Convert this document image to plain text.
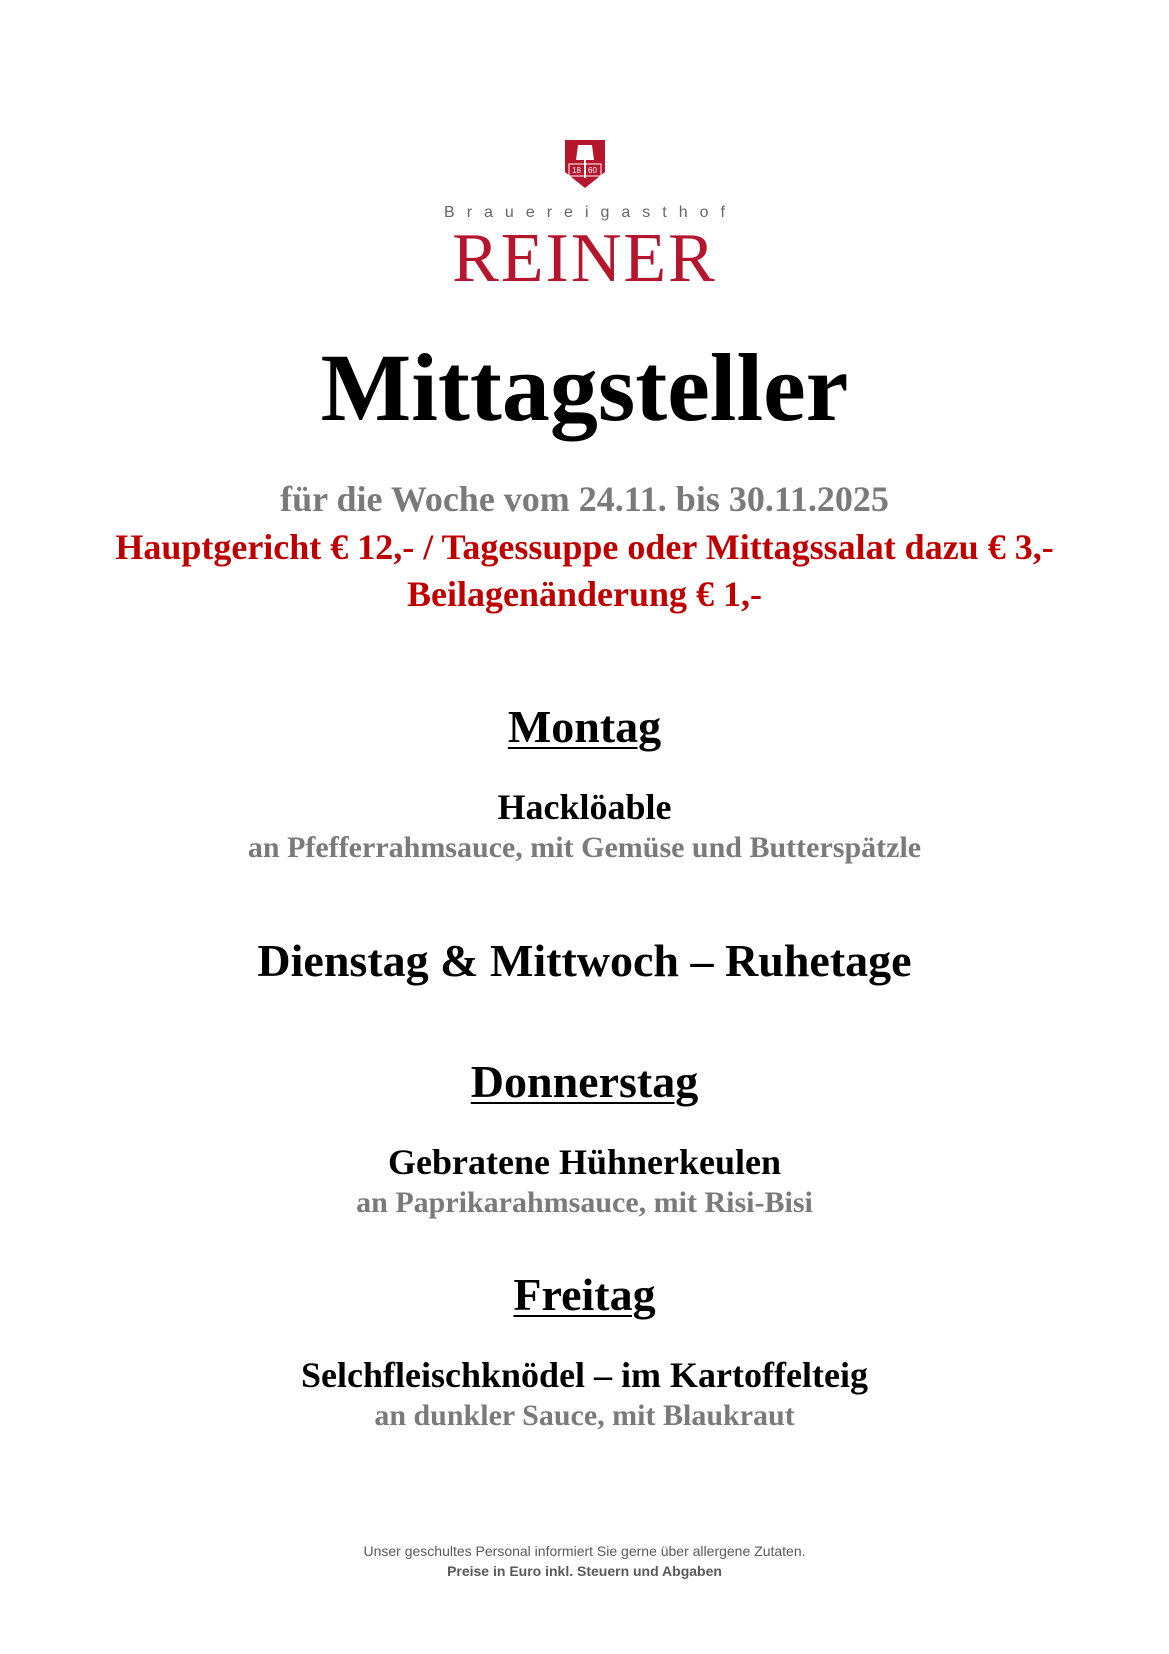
18 60
Brauereigasthof
REINER
Mittagsteller
für die Woche vom 24.11. bis 30.11.2025
Hauptgericht € 12,- / Tagessuppe oder Mittagssalat dazu € 3,-
Beilagenänderung € 1,-
Montag
Hacklöable
an Pfefferrahmsauce, mit Gemüse und Butterspätzle
Dienstag & Mittwoch – Ruhetage
Donnerstag
Gebratene Hühnerkeulen
an Paprikarahmsauce, mit Risi-Bisi
Freitag
Selchfleischknödel – im Kartoffelteig
an dunkler Sauce, mit Blaukraut
Unser geschultes Personal informiert Sie gerne über allergene Zutaten.
Preise in Euro inkl. Steuern und Abgaben
